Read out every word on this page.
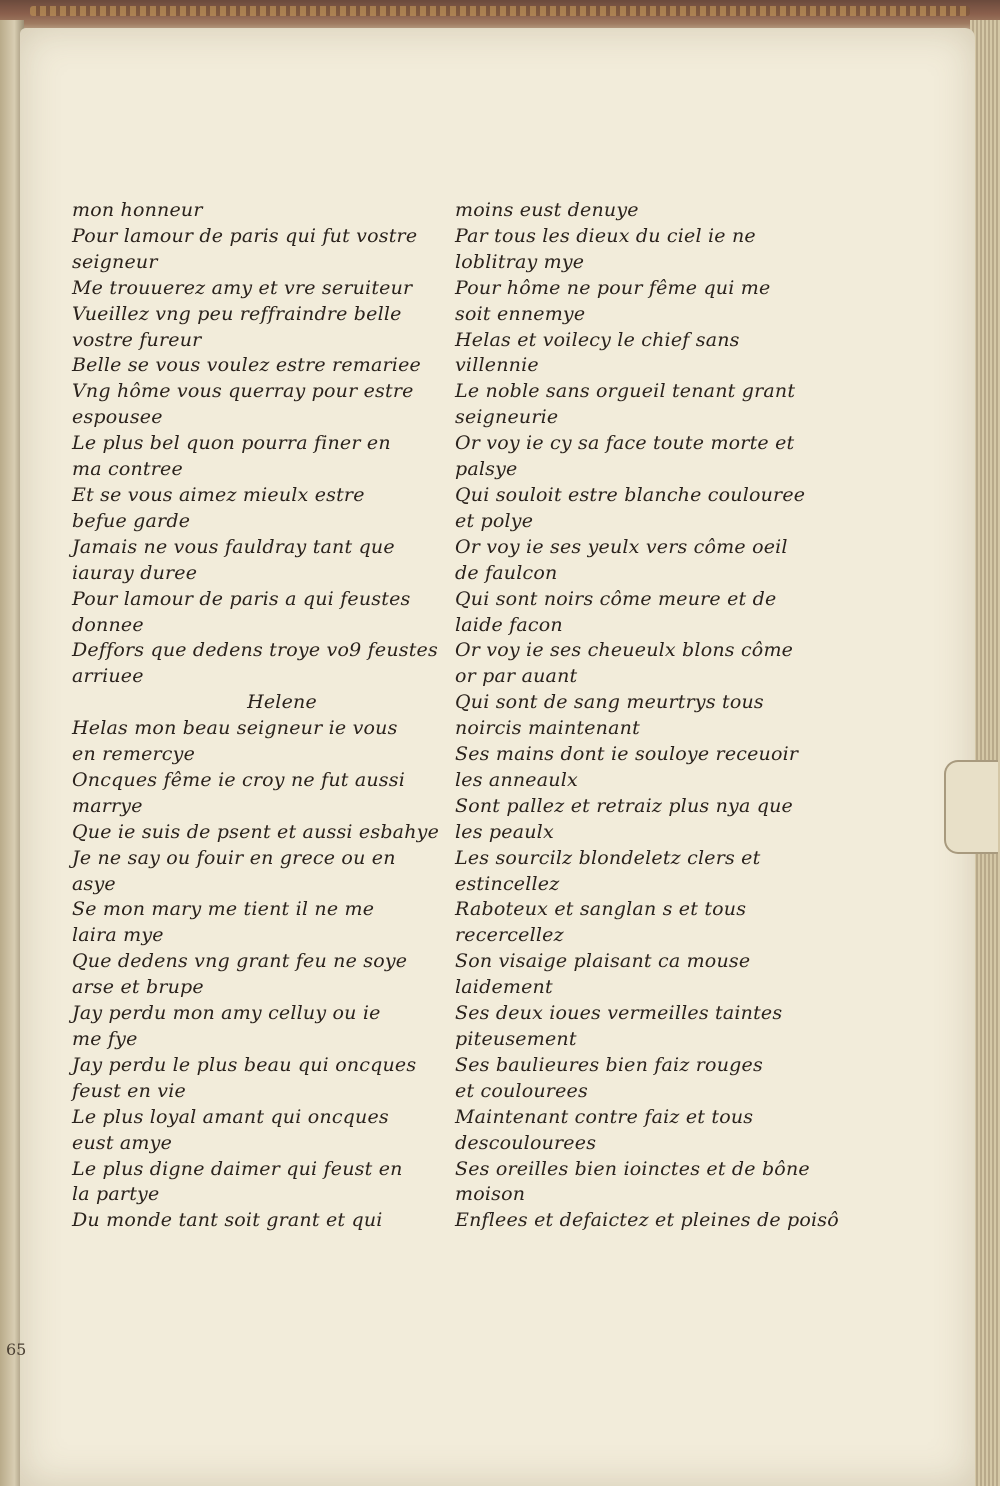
mon honneur
Pour lamour de paris qui fut vostre
seigneur
Me trouuerez amy et vre seruiteur
Vueillez vng peu reffraindre belle
vostre fureur
Belle se vous voulez estre remariee
Vng hôme vous querray pour estre
espousee
Le plus bel quon pourra finer en
ma contree
Et se vous aimez mieulx estre
befue garde
Jamais ne vous fauldray tant que
iauray duree
Pour lamour de paris a qui feustes
donnee
Deffors que dedens troye vo9 feustes
arriuee
Helene
Helas mon beau seigneur ie vous
en remercye
Oncques fême ie croy ne fut aussi
marrye
Que ie suis de psent et aussi esbahye
Je ne say ou fouir en grece ou en
asye
Se mon mary me tient il ne me
laira mye
Que dedens vng grant feu ne soye
arse et brupe
Jay perdu mon amy celluy ou ie
me fye
Jay perdu le plus beau qui oncques
feust en vie
Le plus loyal amant qui oncques
eust amye
Le plus digne daimer qui feust en
la partye
Du monde tant soit grant et qui
moins eust denuye
Par tous les dieux du ciel ie ne
loblitray mye
Pour hôme ne pour fême qui me
soit ennemye
Helas et voilecy le chief sans
villennie
Le noble sans orgueil tenant grant
seigneurie
Or voy ie cy sa face toute morte et
palsye
Qui souloit estre blanche coulouree
et polye
Or voy ie ses yeulx vers côme oeil
de faulcon
Qui sont noirs côme meure et de
laide facon
Or voy ie ses cheueulx blons côme
or par auant
Qui sont de sang meurtrys tous
noircis maintenant
Ses mains dont ie souloye receuoir
les anneaulx
Sont pallez et retraiz plus nya que
les peaulx
Les sourcilz blondeletz clers et
estincellez
Raboteux et sanglan s et tous
recercellez
Son visaige plaisant ca mouse
laidement
Ses deux ioues vermeilles taintes
piteusement
Ses baulieures bien faiz rouges
et coulourees
Maintenant contre faiz et tous
descoulourees
Ses oreilles bien ioinctes et de bône
moison
Enflees et defaictez et pleines de poisô
65
